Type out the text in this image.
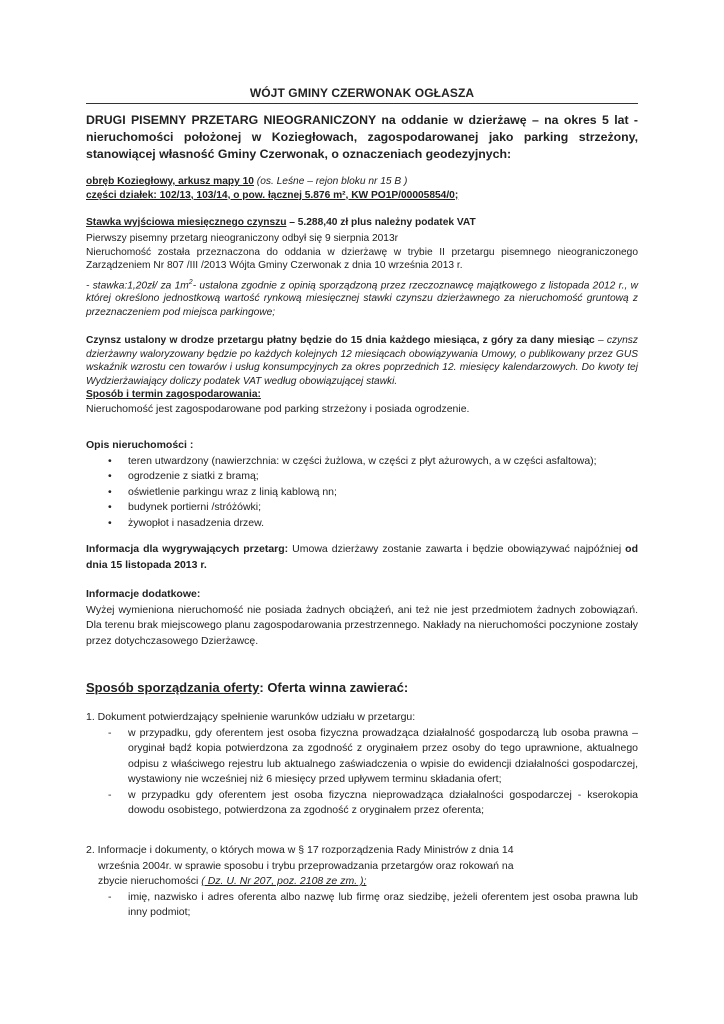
WÓJT GMINY CZERWONAK OGŁASZA

DRUGI PISEMNY PRZETARG NIEOGRANICZONY na oddanie w dzierżawę – na okres 5 lat - nieruchomości położonej w Koziegłowach, zagospodarowanej jako parking strzeżony, stanowiącej własność Gminy Czerwonak, o oznaczeniach geodezyjnych:

obręb Koziegłowy, arkusz mapy 10 (os. Leśne – rejon bloku nr 15 B )

części działek: 102/13, 103/14, o pow. łącznej 5.876 m², KW PO1P/00005854/0;

Stawka wyjściowa miesięcznego czynszu – 5.288,40 zł plus należny podatek VAT

Pierwszy pisemny przetarg nieograniczony odbył się 9 sierpnia 2013r

Nieruchomość została przeznaczona do oddania w dzierżawę w trybie II przetargu pisemnego nieograniczonego Zarządzeniem Nr 807 /III /2013 Wójta Gminy Czerwonak z dnia 10 września 2013 r.

- stawka:1,20zł/ za $1m^2-$ ustalona zgodnie z opinią sporządzoną przez rzeczoznawcę majątkowego z listopada 2012 r., w której określono jednostkową wartość rynkową miesięcznej stawki czynszu dzierżawnego za nieruchomość gruntową z przeznaczeniem pod miejsca parkingowe;

Czynsz ustalony w drodze przetargu płatny będzie do 15 dnia każdego miesiąca, z góry za dany miesiąc – czynsz dzierżawny waloryzowany będzie po każdych kolejnych 12 miesiącach obowiązywania Umowy, o publikowany przez GUS wskaźnik wzrostu cen towarów i usług konsumpcyjnych za okres poprzednich 12. miesięcy kalendarzowych. Do kwoty tej Wydzierżawiający doliczy podatek VAT według obowiązującej stawki.

Sposób i termin zagospodarowania:

Nieruchomość jest zagospodarowane pod parking strzeżony i posiada ogrodzenie.

Opis nieruchomości :

• teren utwardzony (nawierzchnia: w części żużlowa, w części z płyt ażurowych, a w części asfaltowa);
• ogrodzenie z siatki z bramą;
• oświetlenie parkingu wraz z linią kablową nn;
• budynek portierni /stróżówki;
• żywopłot i nasadzenia drzew.

Informacja dla wygrywających przetarg: Umowa dzierżawy zostanie zawarta i będzie obowiązywać najpóźniej od dnia 15 listopada 2013 r.

Informacje dodatkowe:

Wyżej wymieniona nieruchomość nie posiada żadnych obciążeń, ani też nie jest przedmiotem żadnych zobowiązań. Dla terenu brak miejscowego planu zagospodarowania przestrzennego. Nakłady na nieruchomości poczynione zostały przez dotychczasowego Dzierżawcę.

Sposób sporządzania oferty: Oferta winna zawierać:

1. Dokument potwierdzający spełnienie warunków udziału w przetargu:

- w przypadku, gdy oferentem jest osoba fizyczna prowadząca działalność gospodarczą lub osoba prawna – oryginał bądź kopia potwierdzona za zgodność z oryginałem przez osoby do tego uprawnione, aktualnego odpisu z właściwego rejestru lub aktualnego zaświadczenia o wpisie do ewidencji działalności gospodarczej, wystawiony nie wcześniej niż 6 miesięcy przed upływem terminu składania ofert;
- w przypadku gdy oferentem jest osoba fizyczna nieprowadząca działalności gospodarczej - kserokopia dowodu osobistego, potwierdzona za zgodność z oryginałem przez oferenta;

2. Informacje i dokumenty, o których mowa w § 17 rozporządzenia Rady Ministrów z dnia 14

września 2004r. w sprawie sposobu i trybu przeprowadzania przetargów oraz rokowań na

zbycie nieruchomości ( Dz. U. Nr 207, poz. 2108 ze zm. );

- imię, nazwisko i adres oferenta albo nazwę lub firmę oraz siedzibę, jeżeli oferentem jest osoba prawna lub inny podmiot;
